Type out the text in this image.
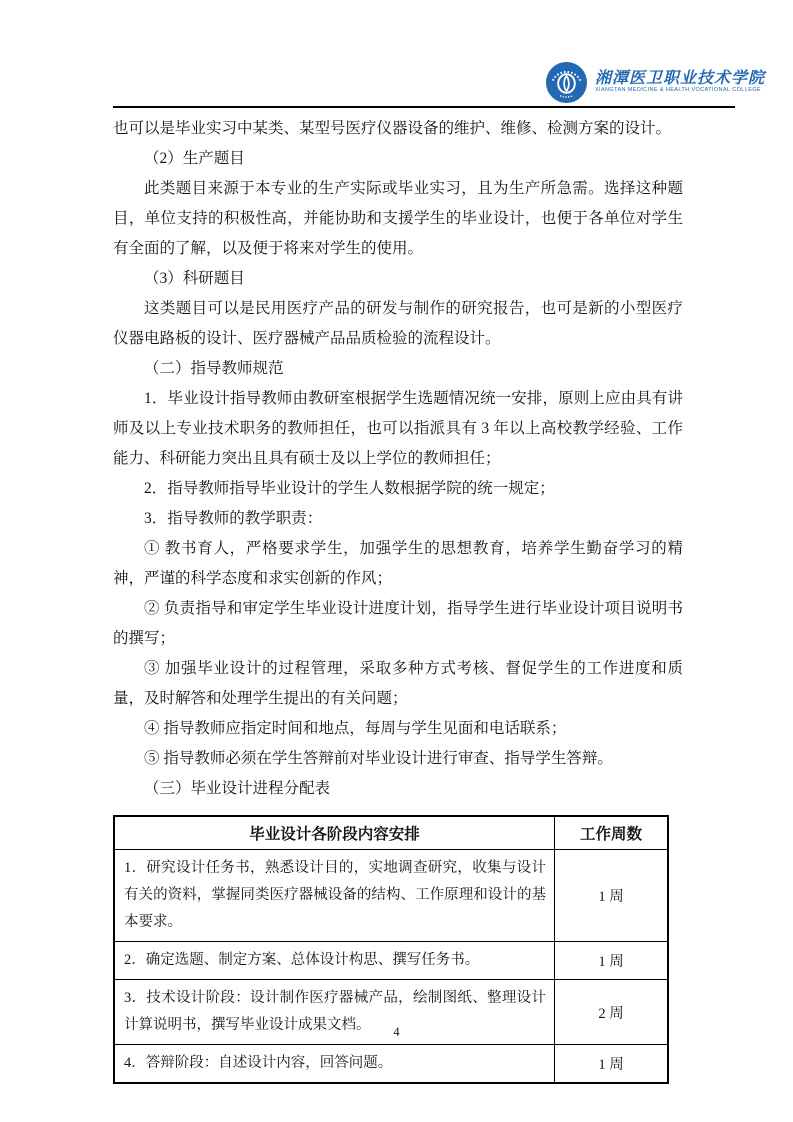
湘潭医卫职业技术学院
XIANGTAN MEDICINE & HEALTH VOCATIONAL COLLEGE

也可以是毕业实习中某类、某型号医疗仪器设备的维护、维修、检测方案的设计。

（2）生产题目

此类题目来源于本专业的生产实际或毕业实习，且为生产所急需。选择这种题目，单位支持的积极性高，并能协助和支援学生的毕业设计，也便于各单位对学生有全面的了解，以及便于将来对学生的使用。

（3）科研题目

这类题目可以是民用医疗产品的研发与制作的研究报告，也可是新的小型医疗仪器电路板的设计、医疗器械产品品质检验的流程设计。

（二）指导教师规范

1．毕业设计指导教师由教研室根据学生选题情况统一安排，原则上应由具有讲师及以上专业技术职务的教师担任，也可以指派具有 3 年以上高校教学经验、工作能力、科研能力突出且具有硕士及以上学位的教师担任；

2．指导教师指导毕业设计的学生人数根据学院的统一规定；

3．指导教师的教学职责：

① 教书育人，严格要求学生，加强学生的思想教育，培养学生勤奋学习的精神，严谨的科学态度和求实创新的作风；

② 负责指导和审定学生毕业设计进度计划，指导学生进行毕业设计项目说明书的撰写；

③ 加强毕业设计的过程管理，采取多种方式考核、督促学生的工作进度和质量，及时解答和处理学生提出的有关问题；

④ 指导教师应指定时间和地点，每周与学生见面和电话联系；

⑤ 指导教师必须在学生答辩前对毕业设计进行审查、指导学生答辩。

（三）毕业设计进程分配表

毕业设计各阶段内容安排	工作周数
1．研究设计任务书，熟悉设计目的，实地调查研究，收集与设计有关的资料，掌握同类医疗器械设备的结构、工作原理和设计的基本要求。	1 周
2．确定选题、制定方案、总体设计构思、撰写任务书。	1 周
3．技术设计阶段：设计制作医疗器械产品，绘制图纸、整理设计计算说明书，撰写毕业设计成果文档。	2 周
4．答辩阶段：自述设计内容，回答问题。	1 周
4
